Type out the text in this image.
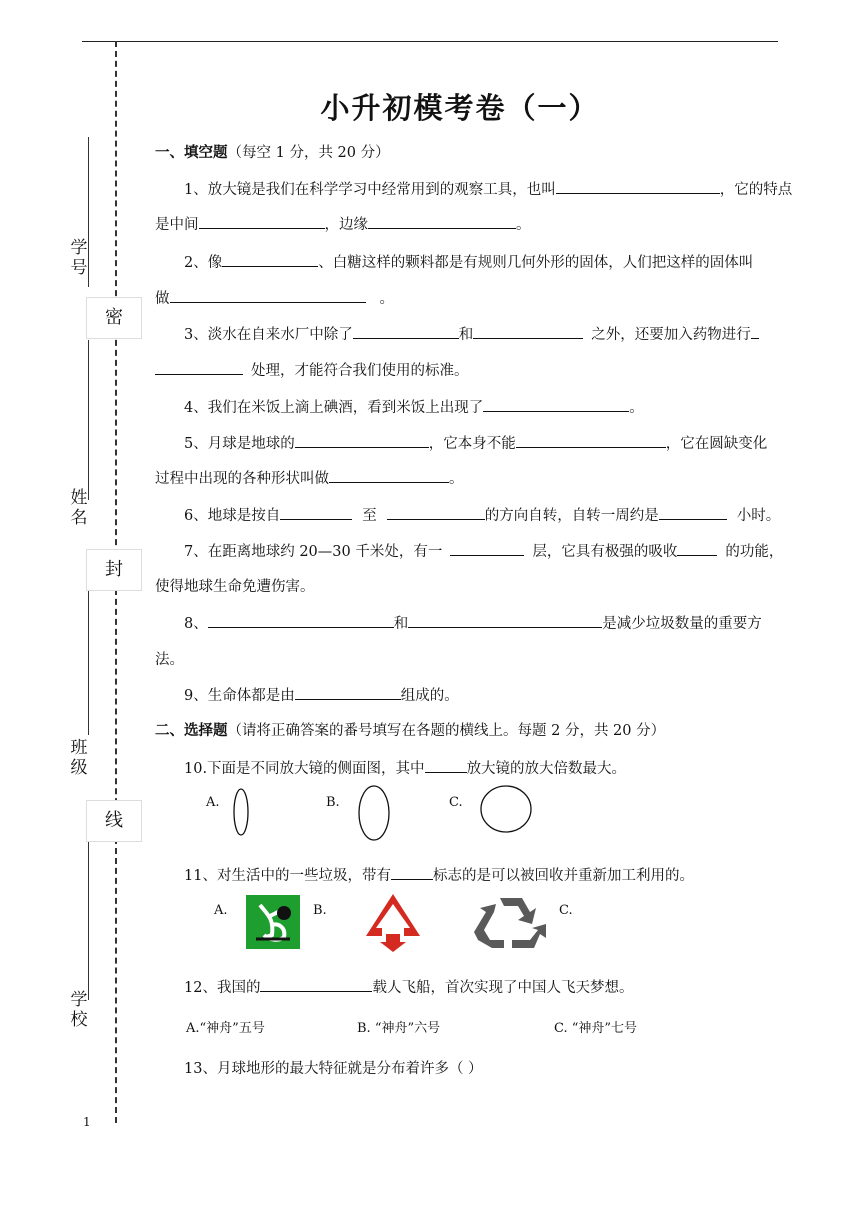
学号
姓名
班级
学校
密
封
线
1
小升初模考卷（一）
一、填空题（每空 1 分，共 20 分）
1、放大镜是我们在科学学习中经常用到的观察工具，也叫	，它的特点
是中间	，边缘	。
2、像	、白糖这样的颗料都是有规则几何外形的固体，人们把这样的固体叫
做	。
3、淡水在自来水厂中除了	和	之外，还要加入药物进行
处理，才能符合我们使用的标准。
4、我们在米饭上滴上碘酒，看到米饭上出现了	。
5、月球是地球的	，它本身不能	，它在圆缺变化
过程中出现的各种形状叫做	。
6、地球是按自	至	的方向自转，自转一周约是	小时。
7、在距离地球约 20—30 千米处，有一	层，它具有极强的吸收	的功能，
使得地球生命免遭伤害。
8、	和	是减少垃圾数量的重要方
法。
9、生命体都是由	组成的。
二、选择题（请将正确答案的番号填写在各题的横线上。每题 2 分，共 20 分）
10.下面是不同放大镜的侧面图，其中	放大镜的放大倍数最大。
A.	B.	C.
11、对生活中的一些垃圾，带有	标志的是可以被回收并重新加工利用的。
A.	B.	C.
12、我国的	载人飞船，首次实现了中国人飞天梦想。
A.“神舟”五号	B. “神舟”六号	C. “神舟”七号
13、月球地形的最大特征就是分布着许多（ ）
